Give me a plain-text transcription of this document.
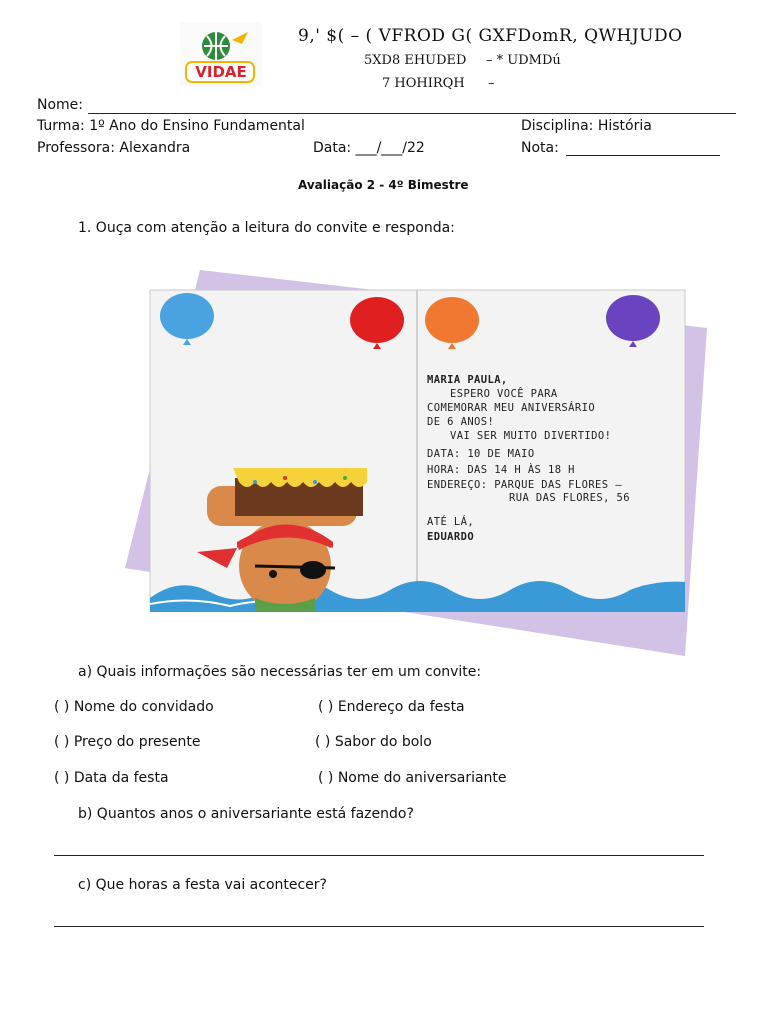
VIDAE
9,' $( – ( VFROD G( GXFDomR, QWHJUDO
5XD8 EHUDED – * UDMDú
7 HOHIRQH –
Nome:
Turma: 1º Ano do Ensino Fundamental	Disciplina: História
Professora: Alexandra	Data: ___/___/22	Nota:
Avaliação 2 - 4º Bimestre
1. Ouça com atenção a leitura do convite e responda:
MARIA PAULA,
ESPERO VOCÊ PARA
COMEMORAR MEU ANIVERSÁRIO
DE 6 ANOS!
VAI SER MUITO DIVERTIDO!
DATA: 10 DE MAIO
HORA: DAS 14 H ÀS 18 H
ENDEREÇO: PARQUE DAS FLORES –
RUA DAS FLORES, 56
ATÉ LÁ,
EDUARDO
a) Quais informações são necessárias ter em um convite:
( ) Nome do convidado	( ) Endereço da festa
( ) Preço do presente	( ) Sabor do bolo
( ) Data da festa	( ) Nome do aniversariante
b) Quantos anos o aniversariante está fazendo?
c) Que horas a festa vai acontecer?
